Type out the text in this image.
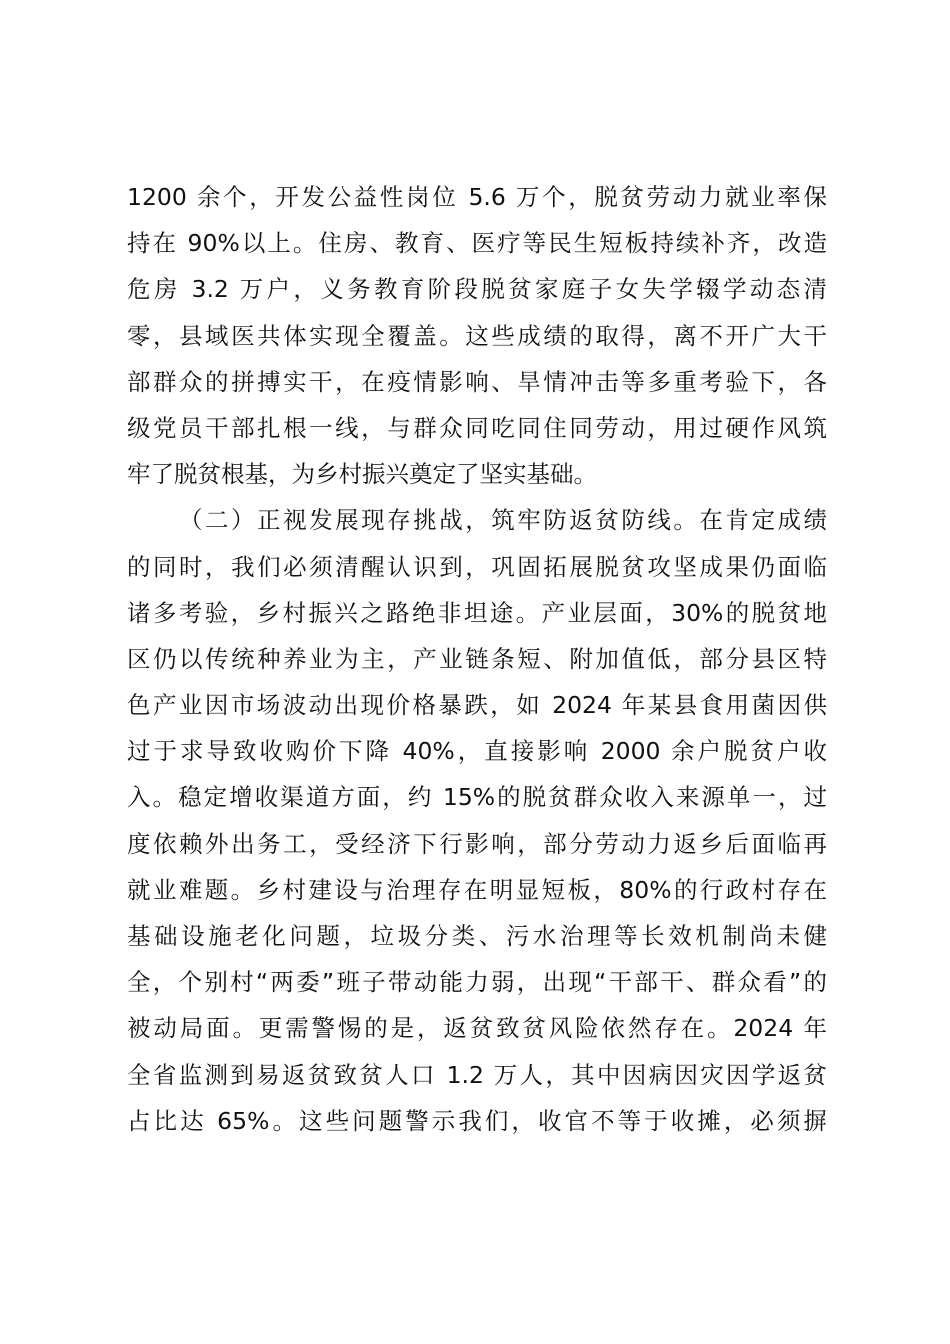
1200 余个，开发公益性岗位 5.6 万个，脱贫劳动力就业率保
持在 90%以上。住房、教育、医疗等民生短板持续补齐，改造
危房 3.2 万户，义务教育阶段脱贫家庭子女失学辍学动态清
零，县域医共体实现全覆盖。这些成绩的取得，离不开广大干
部群众的拼搏实干，在疫情影响、旱情冲击等多重考验下，各
级党员干部扎根一线，与群众同吃同住同劳动，用过硬作风筑
牢了脱贫根基，为乡村振兴奠定了坚实基础。
（二）正视发展现存挑战，筑牢防返贫防线。在肯定成绩
的同时，我们必须清醒认识到，巩固拓展脱贫攻坚成果仍面临
诸多考验，乡村振兴之路绝非坦途。产业层面，30%的脱贫地
区仍以传统种养业为主，产业链条短、附加值低，部分县区特
色产业因市场波动出现价格暴跌，如 2024 年某县食用菌因供
过于求导致收购价下降 40%，直接影响 2000 余户脱贫户收
入。稳定增收渠道方面，约 15%的脱贫群众收入来源单一，过
度依赖外出务工，受经济下行影响，部分劳动力返乡后面临再
就业难题。乡村建设与治理存在明显短板，80%的行政村存在
基础设施老化问题，垃圾分类、污水治理等长效机制尚未健
全，个别村“两委”班子带动能力弱，出现“干部干、群众看”的
被动局面。更需警惕的是，返贫致贫风险依然存在。2024 年
全省监测到易返贫致贫人口 1.2 万人，其中因病因灾因学返贫
占比达 65%。这些问题警示我们，收官不等于收摊，必须摒
